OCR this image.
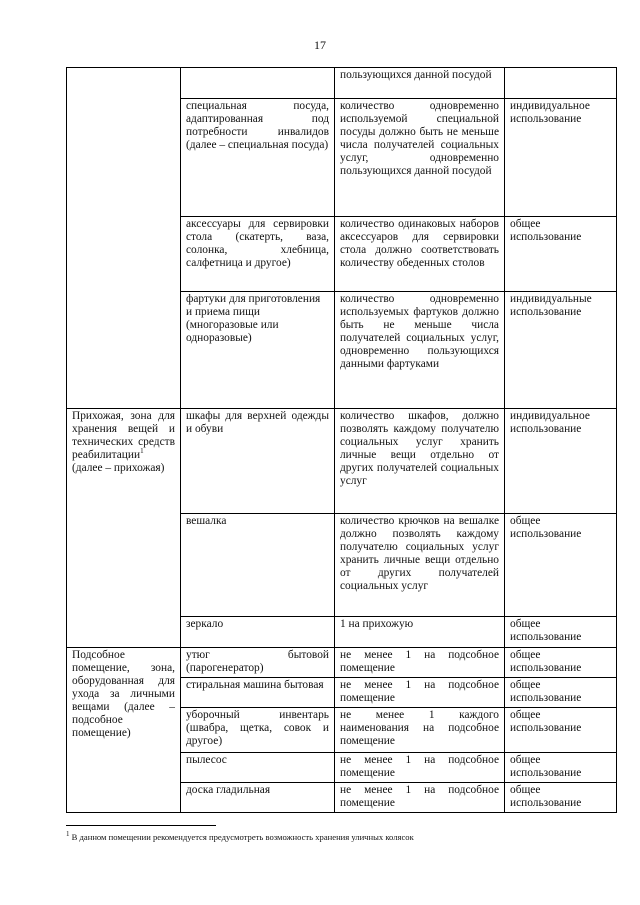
17
		пользующихся данной посудой	
	специальная посуда, адаптированная под потребности инвалидов (далее – специальная посуда)	количество одновременно используемой специальной посуды должно быть не меньше числа получателей социальных услуг, одновременно пользующихся данной посудой	индивидуальное использование
	аксессуары для сервировки стола (скатерть, ваза, солонка, хлебница, салфетница и другое)	количество одинаковых наборов аксессуаров для сервировки стола должно соответствовать количеству обеденных столов	общее использование
	фартуки для приготовления и приема пищи (многоразовые или одноразовые)	количество одновременно используемых фартуков должно быть не меньше числа получателей социальных услуг, одновременно пользующихся данными фартуками	индивидуальные использование
Прихожая, зона для хранения вещей и технических средств реабилитации$^1$ (далее – прихожая)	шкафы для верхней одежды и обуви	количество шкафов, должно позволять каждому получателю социальных услуг хранить личные вещи отдельно от других получателей социальных услуг	индивидуальное использование
	вешалка	количество крючков на вешалке должно позволять каждому получателю социальных услуг хранить личные вещи отдельно от других получателей социальных услуг	общее использование
	зеркало	1 на прихожую	общее использование
Подсобное помещение, зона, оборудованная для ухода за личными вещами (далее – подсобное помещение)	утюг бытовой (парогенератор)	не менее 1 на подсобное помещение	общее использование
	стиральная машина бытовая	не менее 1 на подсобное помещение	общее использование
	уборочный инвентарь (швабра, щетка, совок и другое)	не менее 1 каждого наименования на подсобное помещение	общее использование
	пылесос	не менее 1 на подсобное помещение	общее использование
	доска гладильная	не менее 1 на подсобное помещение	общее использование
$^1$ В данном помещении рекомендуется предусмотреть возможность хранения уличных колясок
